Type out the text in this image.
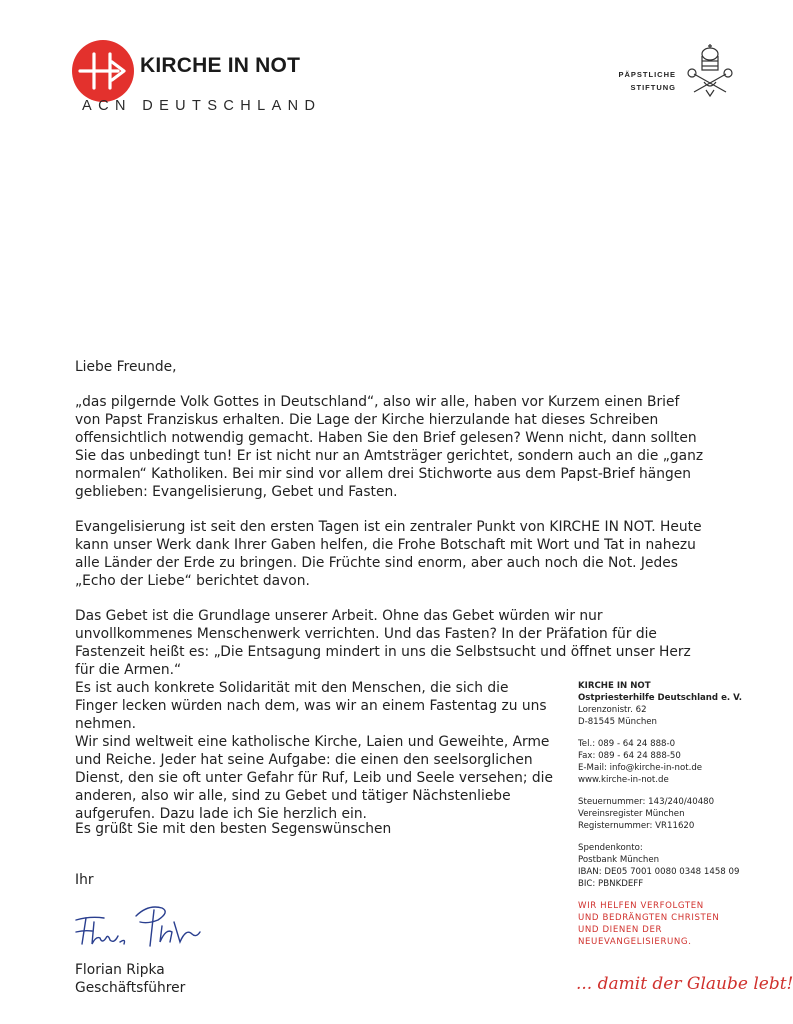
KIRCHE IN NOT
ACN DEUTSCHLAND
PÄPSTLICHE
STIFTUNG

Liebe Freunde,

„das pilgernde Volk Gottes in Deutschland“, also wir alle, haben vor Kurzem einen Brief von Papst Franziskus erhalten. Die Lage der Kirche hierzulande hat dieses Schreiben offensichtlich notwendig gemacht. Haben Sie den Brief gelesen? Wenn nicht, dann sollten Sie das unbedingt tun! Er ist nicht nur an Amtsträger gerichtet, sondern auch an die „ganz normalen“ Katholiken. Bei mir sind vor allem drei Stichworte aus dem Papst-Brief hängen geblieben: Evangelisierung, Gebet und Fasten.

Evangelisierung ist seit den ersten Tagen ist ein zentraler Punkt von KIRCHE IN NOT. Heute kann unser Werk dank Ihrer Gaben helfen, die Frohe Botschaft mit Wort und Tat in nahezu alle Länder der Erde zu bringen. Die Früchte sind enorm, aber auch noch die Not. Jedes „Echo der Liebe“ berichtet davon.

Das Gebet ist die Grundlage unserer Arbeit. Ohne das Gebet würden wir nur unvollkommenes Menschenwerk verrichten. Und das Fasten? In der Präfation für die Fastenzeit heißt es: „Die Entsagung mindert in uns die Selbstsucht und öffnet unser Herz für die Armen.“

Es ist auch konkrete Solidarität mit den Menschen, die sich die Finger lecken würden nach dem, was wir an einem Fastentag zu uns nehmen.

Wir sind weltweit eine katholische Kirche, Laien und Geweihte, Arme und Reiche. Jeder hat seine Aufgabe: die einen den seelsorglichen Dienst, den sie oft unter Gefahr für Ruf, Leib und Seele versehen; die anderen, also wir alle, sind zu Gebet und tätiger Nächstenliebe aufgerufen. Dazu lade ich Sie herzlich ein.

Es grüßt Sie mit den besten Segenswünschen
Ihr
Florian Ripka
Geschäftsführer
KIRCHE IN NOT
Ostpriesterhilfe Deutschland e. V.
Lorenzonistr. 62
D-81545 München
Tel.: 089 - 64 24 888-0
Fax: 089 - 64 24 888-50
E-Mail: info@kirche-in-not.de
www.kirche-in-not.de
Steuernummer: 143/240/40480
Vereinsregister München
Registernummer: VR11620
Spendenkonto:
Postbank München
IBAN: DE05 7001 0080 0348 1458 09
BIC: PBNKDEFF
WIR HELFEN VERFOLGTEN
UND BEDRÄNGTEN CHRISTEN
UND DIENEN DER
NEUEVANGELISIERUNG.
... damit der Glaube lebt!
